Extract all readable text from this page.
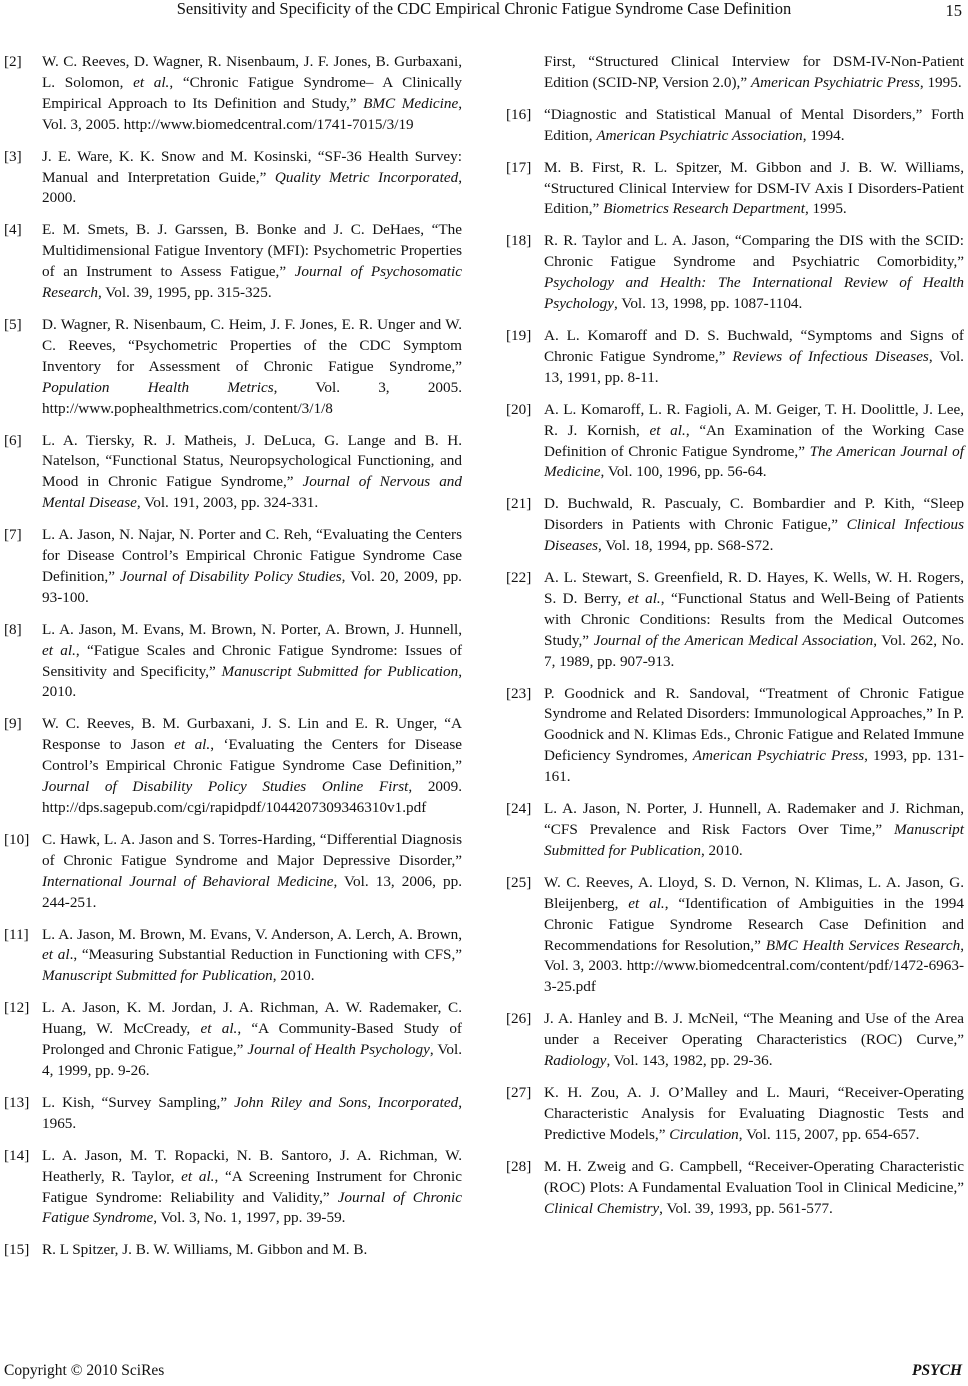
Sensitivity and Specificity of the CDC Empirical Chronic Fatigue Syndrome Case Definition	15
[2] W. C. Reeves, D. Wagner, R. Nisenbaum, J. F. Jones, B. Gurbaxani, L. Solomon, et al., “Chronic Fatigue Syndrome– A Clinically Empirical Approach to Its Definition and Study,” BMC Medicine, Vol. 3, 2005. http://www.biomedcentral.com/1741-7015/3/19
[3] J. E. Ware, K. K. Snow and M. Kosinski, “SF-36 Health Survey: Manual and Interpretation Guide,” Quality Metric Incorporated, 2000.
[4] E. M. Smets, B. J. Garssen, B. Bonke and J. C. DeHaes, “The Multidimensional Fatigue Inventory (MFI): Psychometric Properties of an Instrument to Assess Fatigue,” Journal of Psychosomatic Research, Vol. 39, 1995, pp. 315-325.
[5] D. Wagner, R. Nisenbaum, C. Heim, J. F. Jones, E. R. Unger and W. C. Reeves, “Psychometric Properties of the CDC Symptom Inventory for Assessment of Chronic Fatigue Syndrome,” Population Health Metrics, Vol. 3, 2005. http://www.pophealthmetrics.com/content/3/1/8
[6] L. A. Tiersky, R. J. Matheis, J. DeLuca, G. Lange and B. H. Natelson, “Functional Status, Neuropsychological Functioning, and Mood in Chronic Fatigue Syndrome,” Journal of Nervous and Mental Disease, Vol. 191, 2003, pp. 324-331.
[7] L. A. Jason, N. Najar, N. Porter and C. Reh, “Evaluating the Centers for Disease Control’s Empirical Chronic Fatigue Syndrome Case Definition,” Journal of Disability Policy Studies, Vol. 20, 2009, pp. 93-100.
[8] L. A. Jason, M. Evans, M. Brown, N. Porter, A. Brown, J. Hunnell, et al., “Fatigue Scales and Chronic Fatigue Syndrome: Issues of Sensitivity and Specificity,” Manuscript Submitted for Publication, 2010.
[9] W. C. Reeves, B. M. Gurbaxani, J. S. Lin and E. R. Unger, “A Response to Jason et al., ‘Evaluating the Centers for Disease Control’s Empirical Chronic Fatigue Syndrome Case Definition,” Journal of Disability Policy Studies Online First, 2009. http://dps.sagepub.com/cgi/rapidpdf/1044207309346310v1.pdf
[10] C. Hawk, L. A. Jason and S. Torres-Harding, “Differential Diagnosis of Chronic Fatigue Syndrome and Major Depressive Disorder,” International Journal of Behavioral Medicine, Vol. 13, 2006, pp. 244-251.
[11] L. A. Jason, M. Brown, M. Evans, V. Anderson, A. Lerch, A. Brown, et al., “Measuring Substantial Reduction in Functioning with CFS,” Manuscript Submitted for Publication, 2010.
[12] L. A. Jason, K. M. Jordan, J. A. Richman, A. W. Rademaker, C. Huang, W. McCready, et al., “A Community-Based Study of Prolonged and Chronic Fatigue,” Journal of Health Psychology, Vol. 4, 1999, pp. 9-26.
[13] L. Kish, “Survey Sampling,” John Riley and Sons, Incorporated, 1965.
[14] L. A. Jason, M. T. Ropacki, N. B. Santoro, J. A. Richman, W. Heatherly, R. Taylor, et al., “A Screening Instrument for Chronic Fatigue Syndrome: Reliability and Validity,” Journal of Chronic Fatigue Syndrome, Vol. 3, No. 1, 1997, pp. 39-59.
[15] R. L Spitzer, J. B. W. Williams, M. Gibbon and M. B.
First, “Structured Clinical Interview for DSM-IV-Non-Patient Edition (SCID-NP, Version 2.0),” American Psychiatric Press, 1995.
[16] “Diagnostic and Statistical Manual of Mental Disorders,” Forth Edition, American Psychiatric Association, 1994.
[17] M. B. First, R. L. Spitzer, M. Gibbon and J. B. W. Williams, “Structured Clinical Interview for DSM-IV Axis I Disorders-Patient Edition,” Biometrics Research Department, 1995.
[18] R. R. Taylor and L. A. Jason, “Comparing the DIS with the SCID: Chronic Fatigue Syndrome and Psychiatric Comorbidity,” Psychology and Health: The International Review of Health Psychology, Vol. 13, 1998, pp. 1087-1104.
[19] A. L. Komaroff and D. S. Buchwald, “Symptoms and Signs of Chronic Fatigue Syndrome,” Reviews of Infectious Diseases, Vol. 13, 1991, pp. 8-11.
[20] A. L. Komaroff, L. R. Fagioli, A. M. Geiger, T. H. Doolittle, J. Lee, R. J. Kornish, et al., “An Examination of the Working Case Definition of Chronic Fatigue Syndrome,” The American Journal of Medicine, Vol. 100, 1996, pp. 56-64.
[21] D. Buchwald, R. Pascualy, C. Bombardier and P. Kith, “Sleep Disorders in Patients with Chronic Fatigue,” Clinical Infectious Diseases, Vol. 18, 1994, pp. S68-S72.
[22] A. L. Stewart, S. Greenfield, R. D. Hayes, K. Wells, W. H. Rogers, S. D. Berry, et al., “Functional Status and Well-Being of Patients with Chronic Conditions: Results from the Medical Outcomes Study,” Journal of the American Medical Association, Vol. 262, No. 7, 1989, pp. 907-913.
[23] P. Goodnick and R. Sandoval, “Treatment of Chronic Fatigue Syndrome and Related Disorders: Immunological Approaches,” In P. Goodnick and N. Klimas Eds., Chronic Fatigue and Related Immune Deficiency Syndromes, American Psychiatric Press, 1993, pp. 131-161.
[24] L. A. Jason, N. Porter, J. Hunnell, A. Rademaker and J. Richman, “CFS Prevalence and Risk Factors Over Time,” Manuscript Submitted for Publication, 2010.
[25] W. C. Reeves, A. Lloyd, S. D. Vernon, N. Klimas, L. A. Jason, G. Bleijenberg, et al., “Identification of Ambiguities in the 1994 Chronic Fatigue Syndrome Research Case Definition and Recommendations for Resolution,” BMC Health Services Research, Vol. 3, 2003. http://www.biomedcentral.com/content/pdf/1472-6963-3-25.pdf
[26] J. A. Hanley and B. J. McNeil, “The Meaning and Use of the Area under a Receiver Operating Characteristics (ROC) Curve,” Radiology, Vol. 143, 1982, pp. 29-36.
[27] K. H. Zou, A. J. O’Malley and L. Mauri, “Receiver-Operating Characteristic Analysis for Evaluating Diagnostic Tests and Predictive Models,” Circulation, Vol. 115, 2007, pp. 654-657.
[28] M. H. Zweig and G. Campbell, “Receiver-Operating Characteristic (ROC) Plots: A Fundamental Evaluation Tool in Clinical Medicine,” Clinical Chemistry, Vol. 39, 1993, pp. 561-577.
Copyright © 2010 SciRes	PSYCH
